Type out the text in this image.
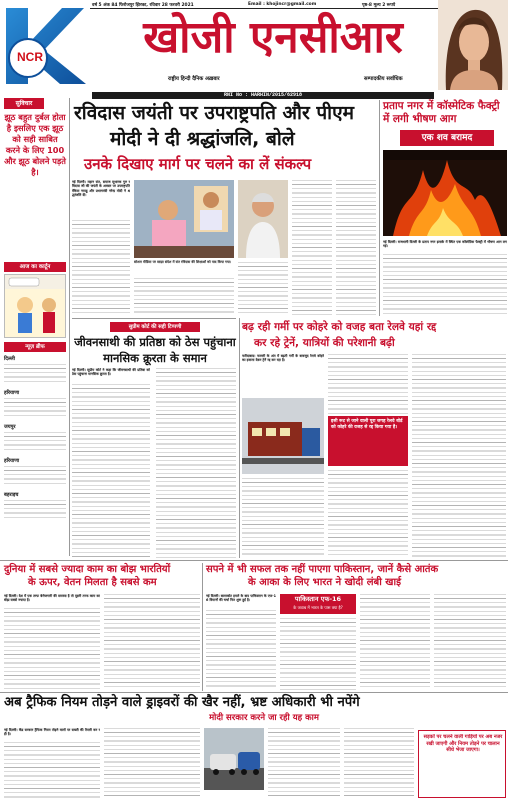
वर्ष 5 अंक 84 फिरोजपुर झिरका, रविवार 28 फरवरी 2021	Email : khojincr@gmail.com	पृष्ठ-8 मूल्य 2 रूपये
NCR	खोजी एनसीआर
राष्ट्रीय हिन्दी दैनिक अख़बार	सम्पादकीय सर्वाधिक
RNI No : HARHIN/2015/62918
सुविचार
झूठ बहुत दुर्बल होता है इसलिए एक झूठ को सही साबित करने के लिए 100 और झूठ बोलने पड़ते है।
आज का कार्टून
न्यूज़ ब्रीफ
दिल्ली
हरियाणा
जयपुर
हरियाणा
बहराइच
रविदास जयंती पर उपराष्ट्रपति और पीएम
मोदी ने दी श्रद्धांजलि, बोले
उनके दिखाए मार्ग पर चलने का लें संकल्प
नई दिल्ली। महान संत, समाज सुधारक गुरु रविदास जी की जयंती के अवसर पर उपराष्ट्रपति वेंकैया नायडू और प्रधानमंत्री नरेन्द्र मोदी ने श्रद्धांजलि दी।
सोशल मीडिया पर साझा संदेश में संत रविदास की शिक्षाओं को याद किया गया।
प्रताप नगर में कॉस्मेटिक फैक्ट्री में लगी भीषण आग
एक शव बरामद
नई दिल्ली। राजधानी दिल्ली के प्रताप नगर इलाके में स्थित एक कॉस्मेटिक फैक्ट्री में भीषण आग लग गई।
सुप्रीम कोर्ट की सही टिप्पणी
जीवनसाथी की प्रतिष्ठा को ठेस पहुंचाना मानसिक क्रूरता के समान
नई दिल्ली। सुप्रीम कोर्ट ने कहा कि जीवनसाथी की प्रतिष्ठा को ठेस पहुंचाना मानसिक क्रूरता है।
बढ़ रही गर्मी पर कोहरे को वजह बता रेलवे यहां रद्द
कर रहे ट्रेनें, यात्रियों की परेशानी बढ़ी
फरीदाबाद। फरवरी के अंत में बढ़ती गर्मी के बावजूद रेलवे कोहरे का हवाला देकर ट्रेनें रद्द कर रहा है।
इसी रूट से जाने वाली पूरा जगह रेलवे बोर्ड को कोहरे की वजह से रद्द किया गया है।
दुनिया में सबसे ज्यादा काम का बोझ भारतियों
के ऊपर, वेतन मिलता है सबसे कम
नई दिल्ली। देश में एक तरफ बेरोजगारी की समस्या है तो दूसरी तरफ काम का बोझ सबसे ज्यादा है।
सपने में भी सफल तक नहीं पाएगा पाकिस्तान, जानें कैसे आतंक
के आका के लिए भारत ने खोदी लंबी खाई
नई दिल्ली। बालाकोट हमले के बाद पाकिस्तान के एफ-16 विमानों की चर्चा फिर शुरू हुई है।	पाकिस्तान एफ-16
के जवाब में भारत के पास क्या है?
अब ट्रैफिक नियम तोड़ने वाले ड्राइवरों की खैर नहीं, भ्रष्ट अधिकारी भी नपेंगे
मोदी सरकार करने जा रही यह काम
नई दिल्ली। केंद्र सरकार ट्रैफिक नियम तोड़ने वालों पर सख्ती की तैयारी कर रही है।	सड़कों पर चलने वाली गाड़ियों पर अब नजर रखी जाएगी और नियम तोड़ने पर चालान सीधे भेजा जाएगा।
